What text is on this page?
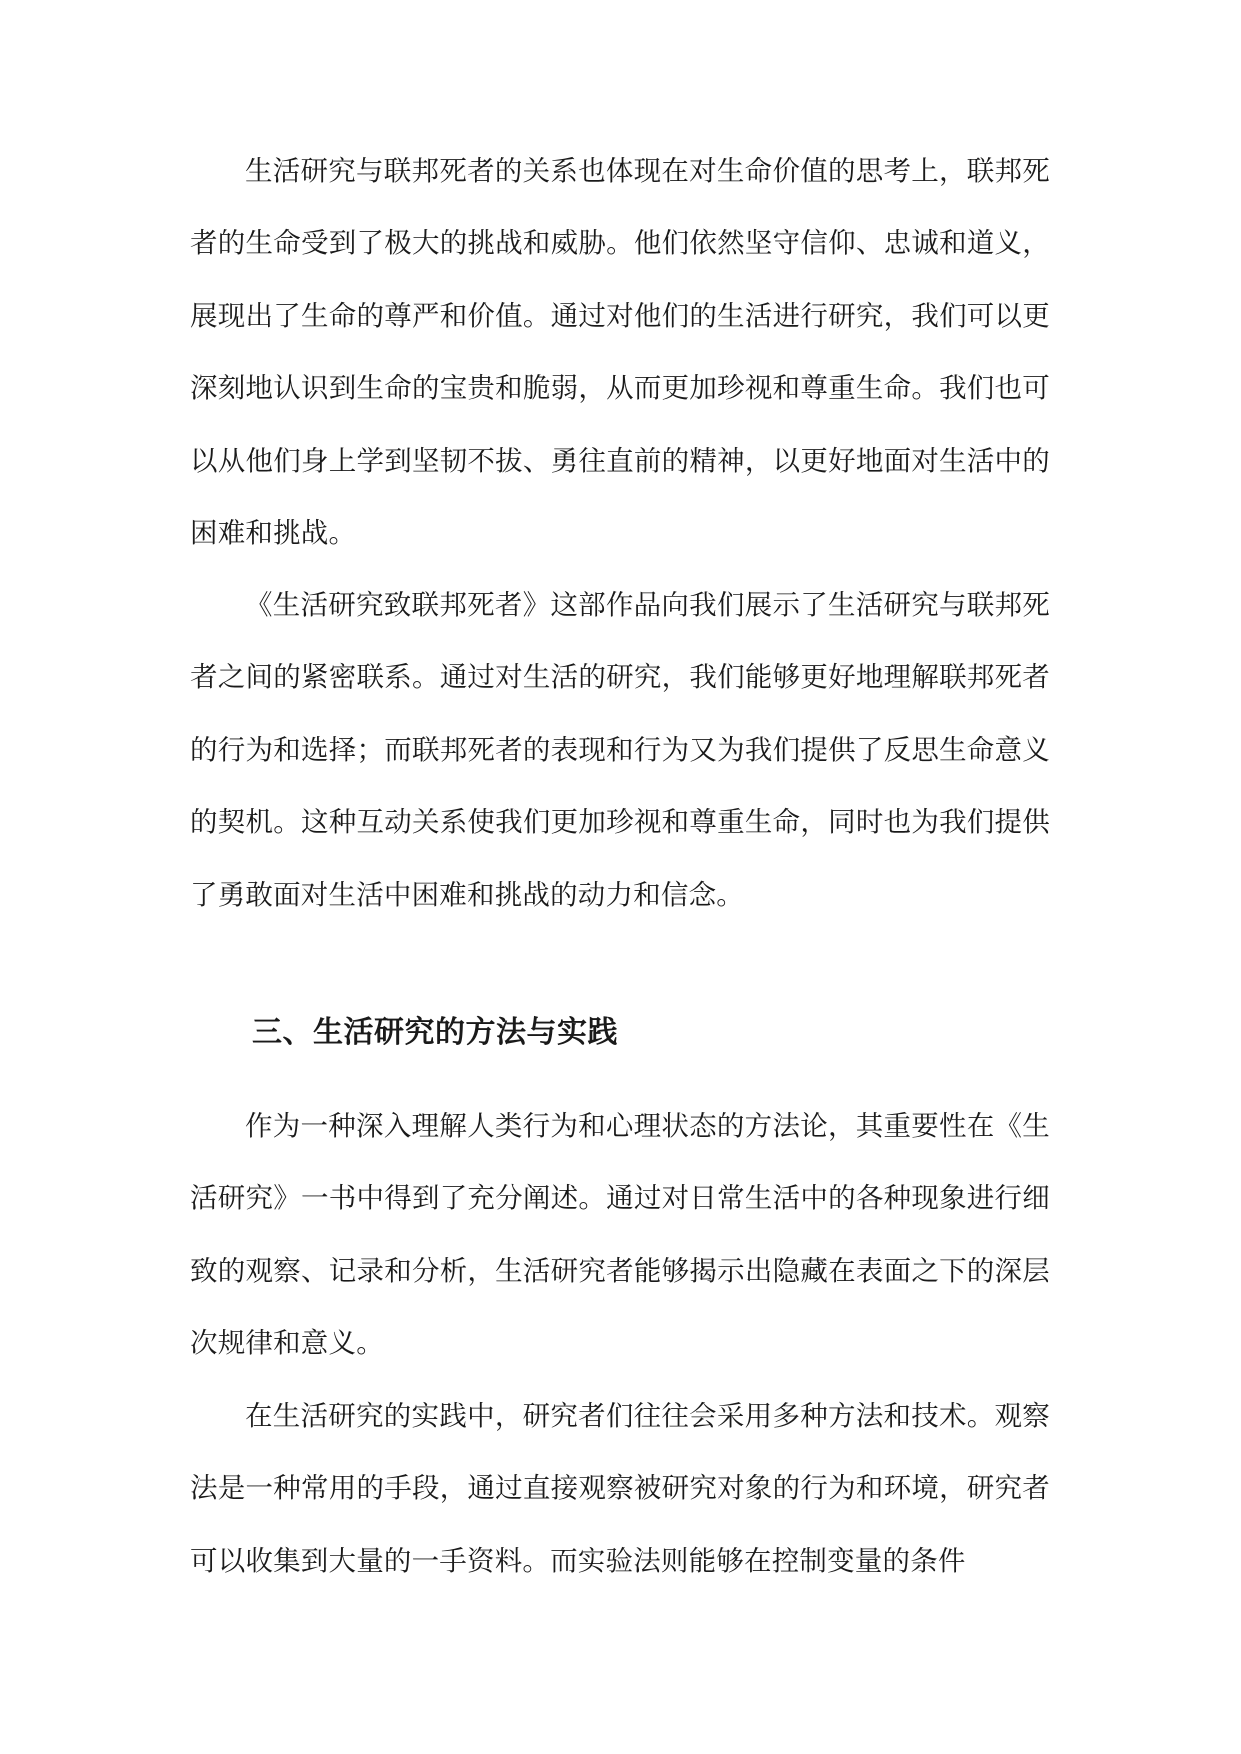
生活研究与联邦死者的关系也体现在对生命价值的思考上，联邦死者的生命受到了极大的挑战和威胁。他们依然坚守信仰、忠诚和道义，展现出了生命的尊严和价值。通过对他们的生活进行研究，我们可以更深刻地认识到生命的宝贵和脆弱，从而更加珍视和尊重生命。我们也可以从他们身上学到坚韧不拔、勇往直前的精神，以更好地面对生活中的困难和挑战。

《生活研究致联邦死者》这部作品向我们展示了生活研究与联邦死者之间的紧密联系。通过对生活的研究，我们能够更好地理解联邦死者的行为和选择；而联邦死者的表现和行为又为我们提供了反思生命意义的契机。这种互动关系使我们更加珍视和尊重生命，同时也为我们提供了勇敢面对生活中困难和挑战的动力和信念。

三、生活研究的方法与实践

作为一种深入理解人类行为和心理状态的方法论，其重要性在《生活研究》一书中得到了充分阐述。通过对日常生活中的各种现象进行细致的观察、记录和分析，生活研究者能够揭示出隐藏在表面之下的深层次规律和意义。

在生活研究的实践中，研究者们往往会采用多种方法和技术。观察法是一种常用的手段，通过直接观察被研究对象的行为和环境，研究者可以收集到大量的一手资料。而实验法则能够在控制变量的条件
